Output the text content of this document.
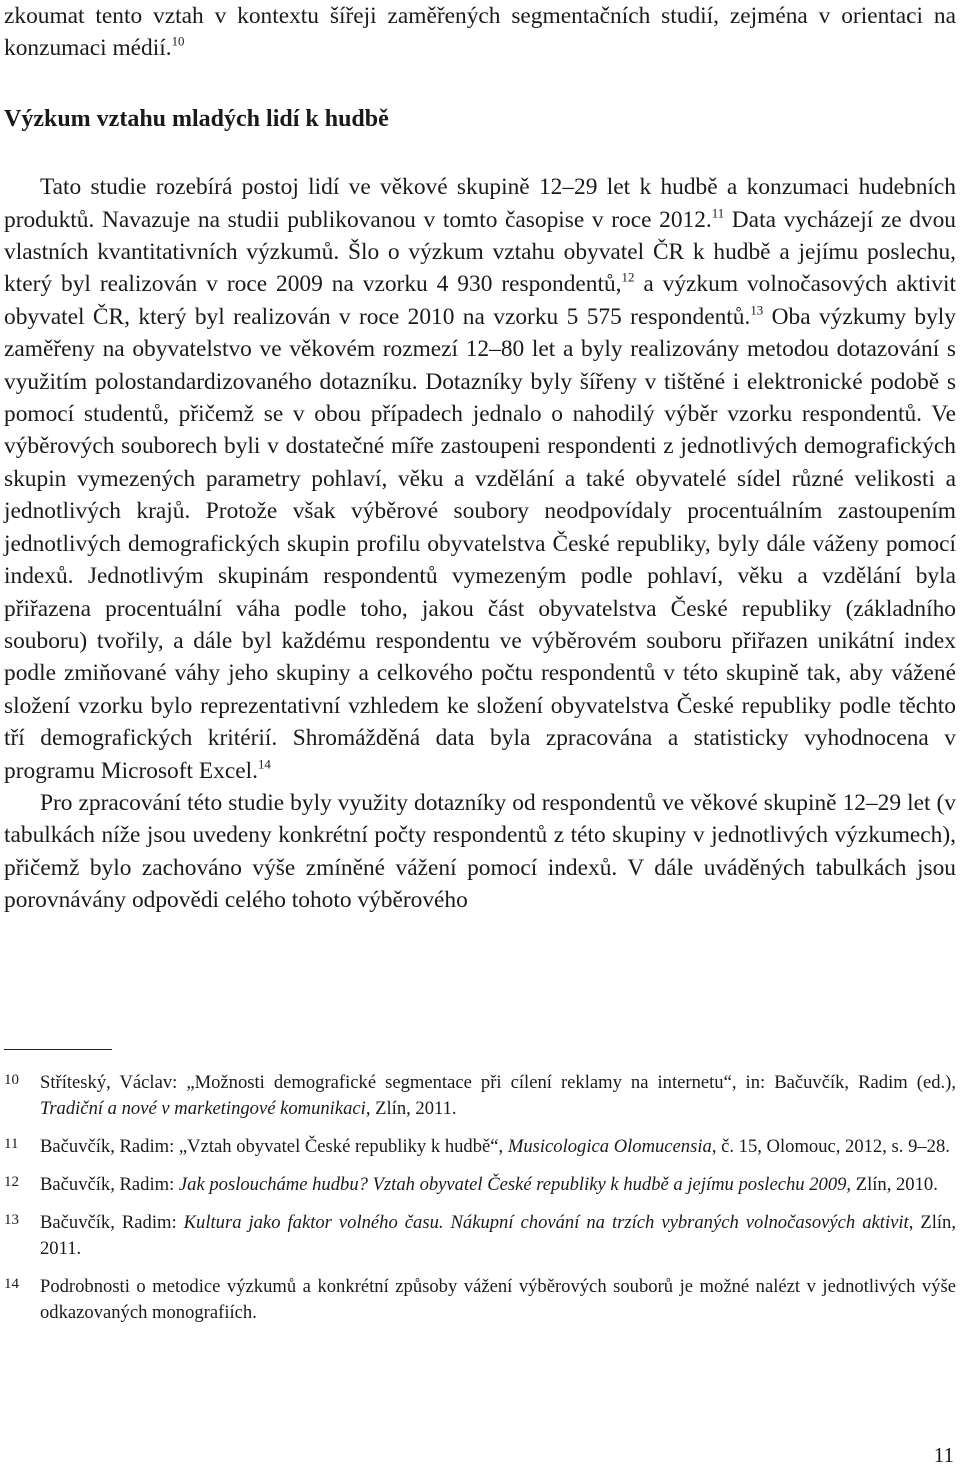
zkoumat tento vztah v kontextu šířeji zaměřených segmentačních studií, zejména v orientaci na konzumaci médií.$^{10}$

Výzkum vztahu mladých lidí k hudbě

Tato studie rozebírá postoj lidí ve věkové skupině 12–29 let k hudbě a konzumaci hudebních produktů. Navazuje na studii publikovanou v tomto časopise v roce 2012.11 Data vycházejí ze dvou vlastních kvantitativních výzkumů. Šlo o výzkum vztahu obyvatel ČR k hudbě a jejímu poslechu, který byl realizován v roce 2009 na vzorku 4 930 respondentů,$^{12}$ a výzkum volnočasových aktivit obyvatel ČR, který byl realizován v roce 2010 na vzorku 5 575 respondentů.$^{13}$ Oba výzkumy byly zaměřeny na obyvatelstvo ve věkovém rozmezí 12–80 let a byly realizovány metodou dotazování s využitím polostandardizovaného dotazníku. Dotazníky byly šířeny v tištěné i elektronické podobě s pomocí studentů, přičemž se v obou případech jednalo o nahodilý výběr vzorku respondentů. Ve výběrových souborech byli v dostatečné míře zastoupeni respondenti z jednotlivých demografických skupin vymezených parametry pohlaví, věku a vzdělání a také obyvatelé sídel různé velikosti a jednotlivých krajů. Protože však výběrové soubory neodpovídaly procentuálním zastoupením jednotlivých demografických skupin profilu obyvatelstva České republiky, byly dále váženy pomocí indexů. Jednotlivým skupinám respondentů vymezeným podle pohlaví, věku a vzdělání byla přiřazena procentuální váha podle toho, jakou část obyvatelstva České republiky (základního souboru) tvořily, a dále byl každému respondentu ve výběrovém souboru přiřazen unikátní index podle zmiňované váhy jeho skupiny a celkového počtu respondentů v této skupině tak, aby vážené složení vzorku bylo reprezentativní vzhledem ke složení obyvatelstva České republiky podle těchto tří demografických kritérií. Shromážděná data byla zpracována a statisticky vyhodnocena v programu Microsoft Excel.$^{14}$

Pro zpracování této studie byly využity dotazníky od respondentů ve věkové skupině 12–29 let (v tabulkách níže jsou uvedeny konkrétní počty respondentů z této skupiny v jednotlivých výzkumech), přičemž bylo zachováno výše zmíněné vážení pomocí indexů. V dále uváděných tabulkách jsou porovnávány odpovědi celého tohoto výběrového

10 Stříteský, Václav: „Možnosti demografické segmentace při cílení reklamy na internetu“, in: Bačuvčík, Radim (ed.), Tradiční a nové v marketingové komunikaci, Zlín, 2011.
11 Bačuvčík, Radim: „Vztah obyvatel České republiky k hudbě“, Musicologica Olomucensia, č. 15, Olomouc, 2012, s. 9–28.
12 Bačuvčík, Radim: Jak posloucháme hudbu? Vztah obyvatel České republiky k hudbě a jejímu poslechu 2009, Zlín, 2010.
13 Bačuvčík, Radim: Kultura jako faktor volného času. Nákupní chování na trzích vybraných volnočasových aktivit, Zlín, 2011.
14 Podrobnosti o metodice výzkumů a konkrétní způsoby vážení výběrových souborů je možné nalézt v jednotlivých výše odkazovaných monografiích.
11
